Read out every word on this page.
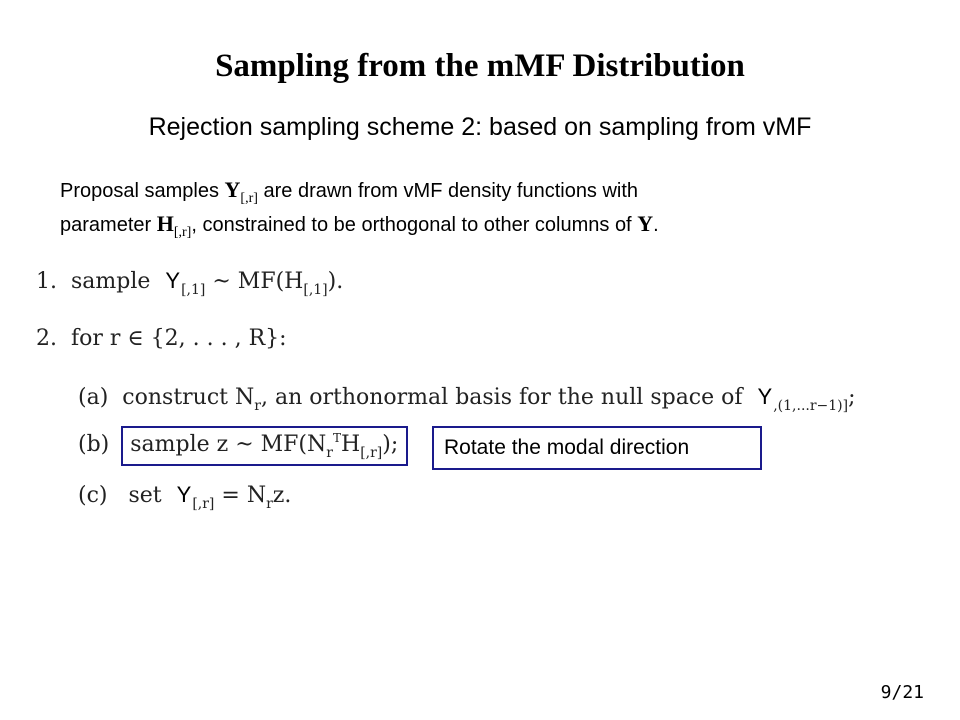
Sampling from the mMF Distribution
Rejection sampling scheme 2: based on sampling from vMF
Proposal samples $Y_{[,r]}$ are drawn from vMF density functions with
parameter $H_{[,r]}$, constrained to be orthogonal to other columns of Y.
1. sample $Y_{[,1]}$ ~ $MF(H_{[,1]})$.
2. for r ∈ {2, . . . , R}:
(a) construct $N_r$, an orthonormal basis for the null space of $Y_{,(1,...r-1)]}$;
(b) sample z ~ $MF(N_r^TH_{[,r]})$;
(c) set $Y_{[,r]} = N_rz$.
Rotate the modal direction
9/21
